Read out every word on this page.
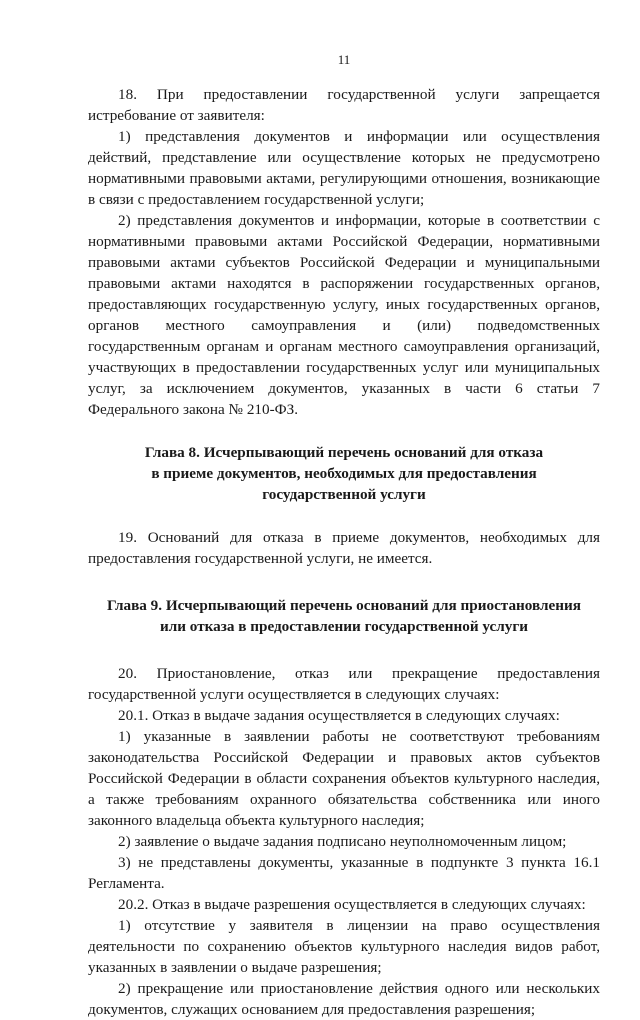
11

18. При предоставлении государственной услуги запрещается истребование от заявителя:

1) представления документов и информации или осуществления действий, представление или осуществление которых не предусмотрено нормативными правовыми актами, регулирующими отношения, возникающие в связи с предоставлением государственной услуги;

2) представления документов и информации, которые в соответствии с нормативными правовыми актами Российской Федерации, нормативными правовыми актами субъектов Российской Федерации и муниципальными правовыми актами находятся в распоряжении государственных органов, предоставляющих государственную услугу, иных государственных органов, органов местного самоуправления и (или) подведомственных государственным органам и органам местного самоуправления организаций, участвующих в предоставлении государственных услуг или муниципальных услуг, за исключением документов, указанных в части 6 статьи 7 Федерального закона № 210-ФЗ.

Глава 8. Исчерпывающий перечень оснований для отказа
в приеме документов, необходимых для предоставления
государственной услуги

19. Оснований для отказа в приеме документов, необходимых для предоставления государственной услуги, не имеется.

Глава 9. Исчерпывающий перечень оснований для приостановления
или отказа в предоставлении государственной услуги

20. Приостановление, отказ или прекращение предоставления государственной услуги осуществляется в следующих случаях:

20.1. Отказ в выдаче задания осуществляется в следующих случаях:

1) указанные в заявлении работы не соответствуют требованиям законодательства Российской Федерации и правовых актов субъектов Российской Федерации в области сохранения объектов культурного наследия, а также требованиям охранного обязательства собственника или иного законного владельца объекта культурного наследия;

2) заявление о выдаче задания подписано неуполномоченным лицом;

3) не представлены документы, указанные в подпункте 3 пункта 16.1 Регламента.

20.2. Отказ в выдаче разрешения осуществляется в следующих случаях:

1) отсутствие у заявителя в лицензии на право осуществления деятельности по сохранению объектов культурного наследия видов работ, указанных в заявлении о выдаче разрешения;

2) прекращение или приостановление действия одного или нескольких документов, служащих основанием для предоставления разрешения;
